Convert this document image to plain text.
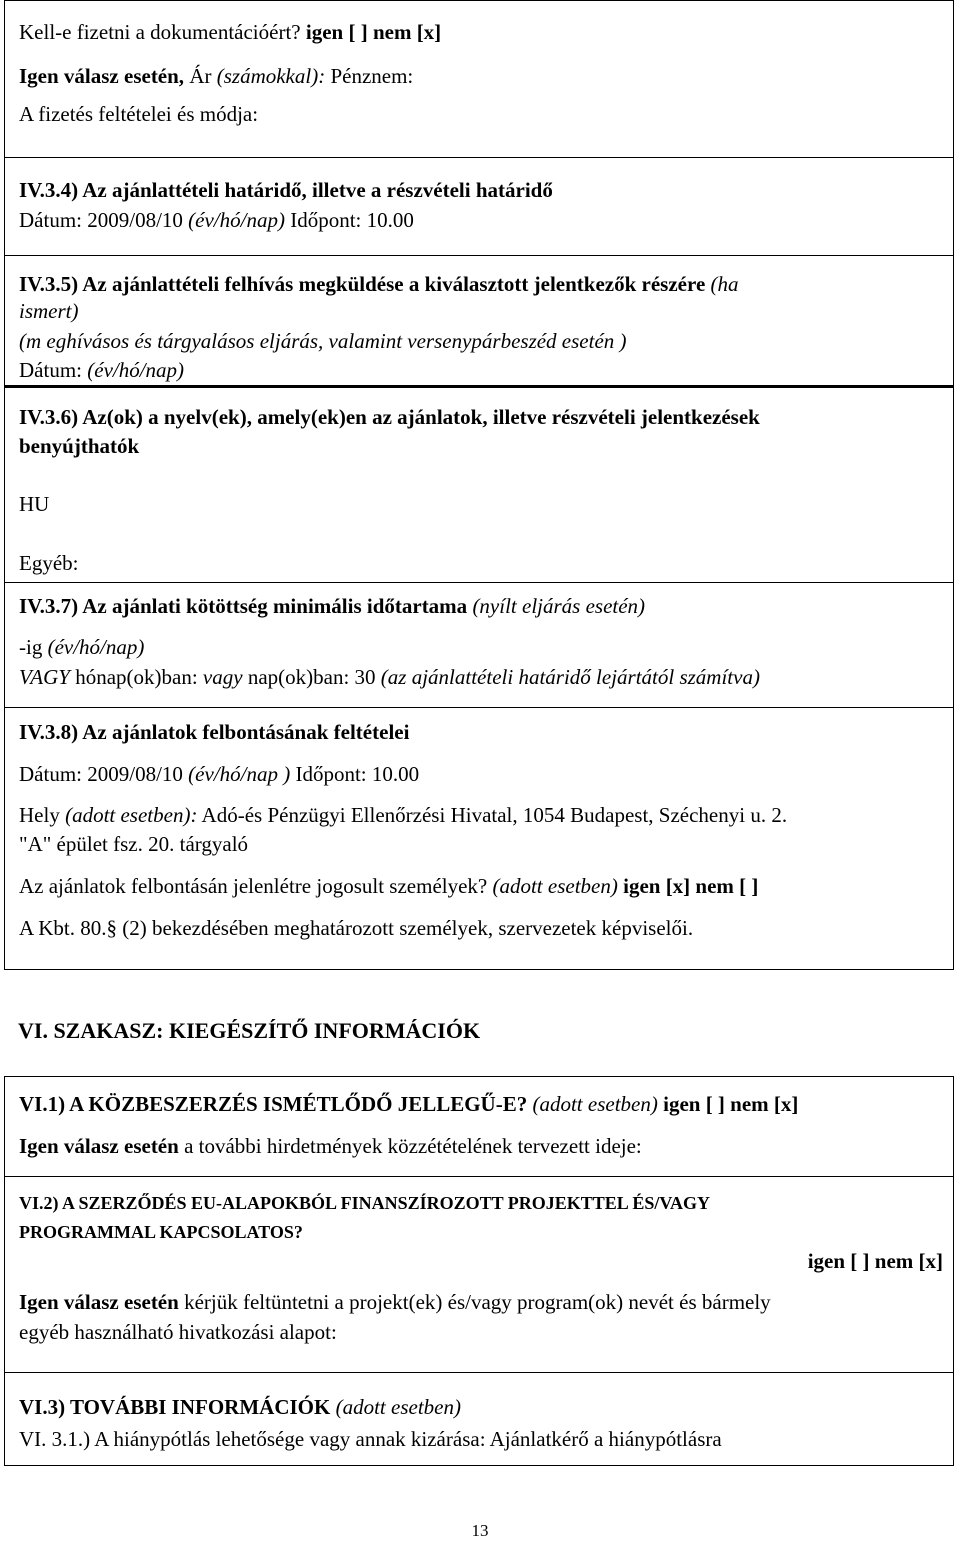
Kell-e fizetni a dokumentációért? igen [ ] nem [x]
Igen válasz esetén, Ár (számokkal): Pénznem:
A fizetés feltételei és módja:
IV.3.4) Az ajánlattételi határidő, illetve a részvételi határidő
Dátum: 2009/08/10 (év/hó/nap) Időpont: 10.00
IV.3.5) Az ajánlattételi felhívás megküldése a kiválasztott jelentkezők részére (ha
ismert)
(m eghívásos és tárgyalásos eljárás, valamint versenypárbeszéd esetén )
Dátum: (év/hó/nap)
IV.3.6) Az(ok) a nyelv(ek), amely(ek)en az ajánlatok, illetve részvételi jelentkezések
benyújthatók
HU
Egyéb:
IV.3.7) Az ajánlati kötöttség minimális időtartama (nyílt eljárás esetén)
-ig (év/hó/nap)
VAGY hónap(ok)ban: vagy nap(ok)ban: 30 (az ajánlattételi határidő lejártától számítva)
IV.3.8) Az ajánlatok felbontásának feltételei
Dátum: 2009/08/10 (év/hó/nap ) Időpont: 10.00
Hely (adott esetben): Adó-és Pénzügyi Ellenőrzési Hivatal, 1054 Budapest, Széchenyi u. 2.
"A" épület fsz. 20. tárgyaló
Az ajánlatok felbontásán jelenlétre jogosult személyek? (adott esetben) igen [x] nem [ ]
A Kbt. 80.§ (2) bekezdésében meghatározott személyek, szervezetek képviselői.
VI. SZAKASZ: KIEGÉSZÍTŐ INFORMÁCIÓK
VI.1) A KÖZBESZERZÉS ISMÉTLŐDŐ JELLEGŰ-E? (adott esetben) igen [ ] nem [x]
Igen válasz esetén a további hirdetmények közzétételének tervezett ideje:
VI.2) A SZERZŐDÉS EU-ALAPOKBÓL FINANSZÍROZOTT PROJEKTTEL ÉS/VAGY
PROGRAMMAL KAPCSOLATOS?
igen [ ] nem [x]
Igen válasz esetén kérjük feltüntetni a projekt(ek) és/vagy program(ok) nevét és bármely
egyéb használható hivatkozási alapot:
VI.3) TOVÁBBI INFORMÁCIÓK (adott esetben)
VI. 3.1.) A hiánypótlás lehetősége vagy annak kizárása: Ajánlatkérő a hiánypótlásra
13
